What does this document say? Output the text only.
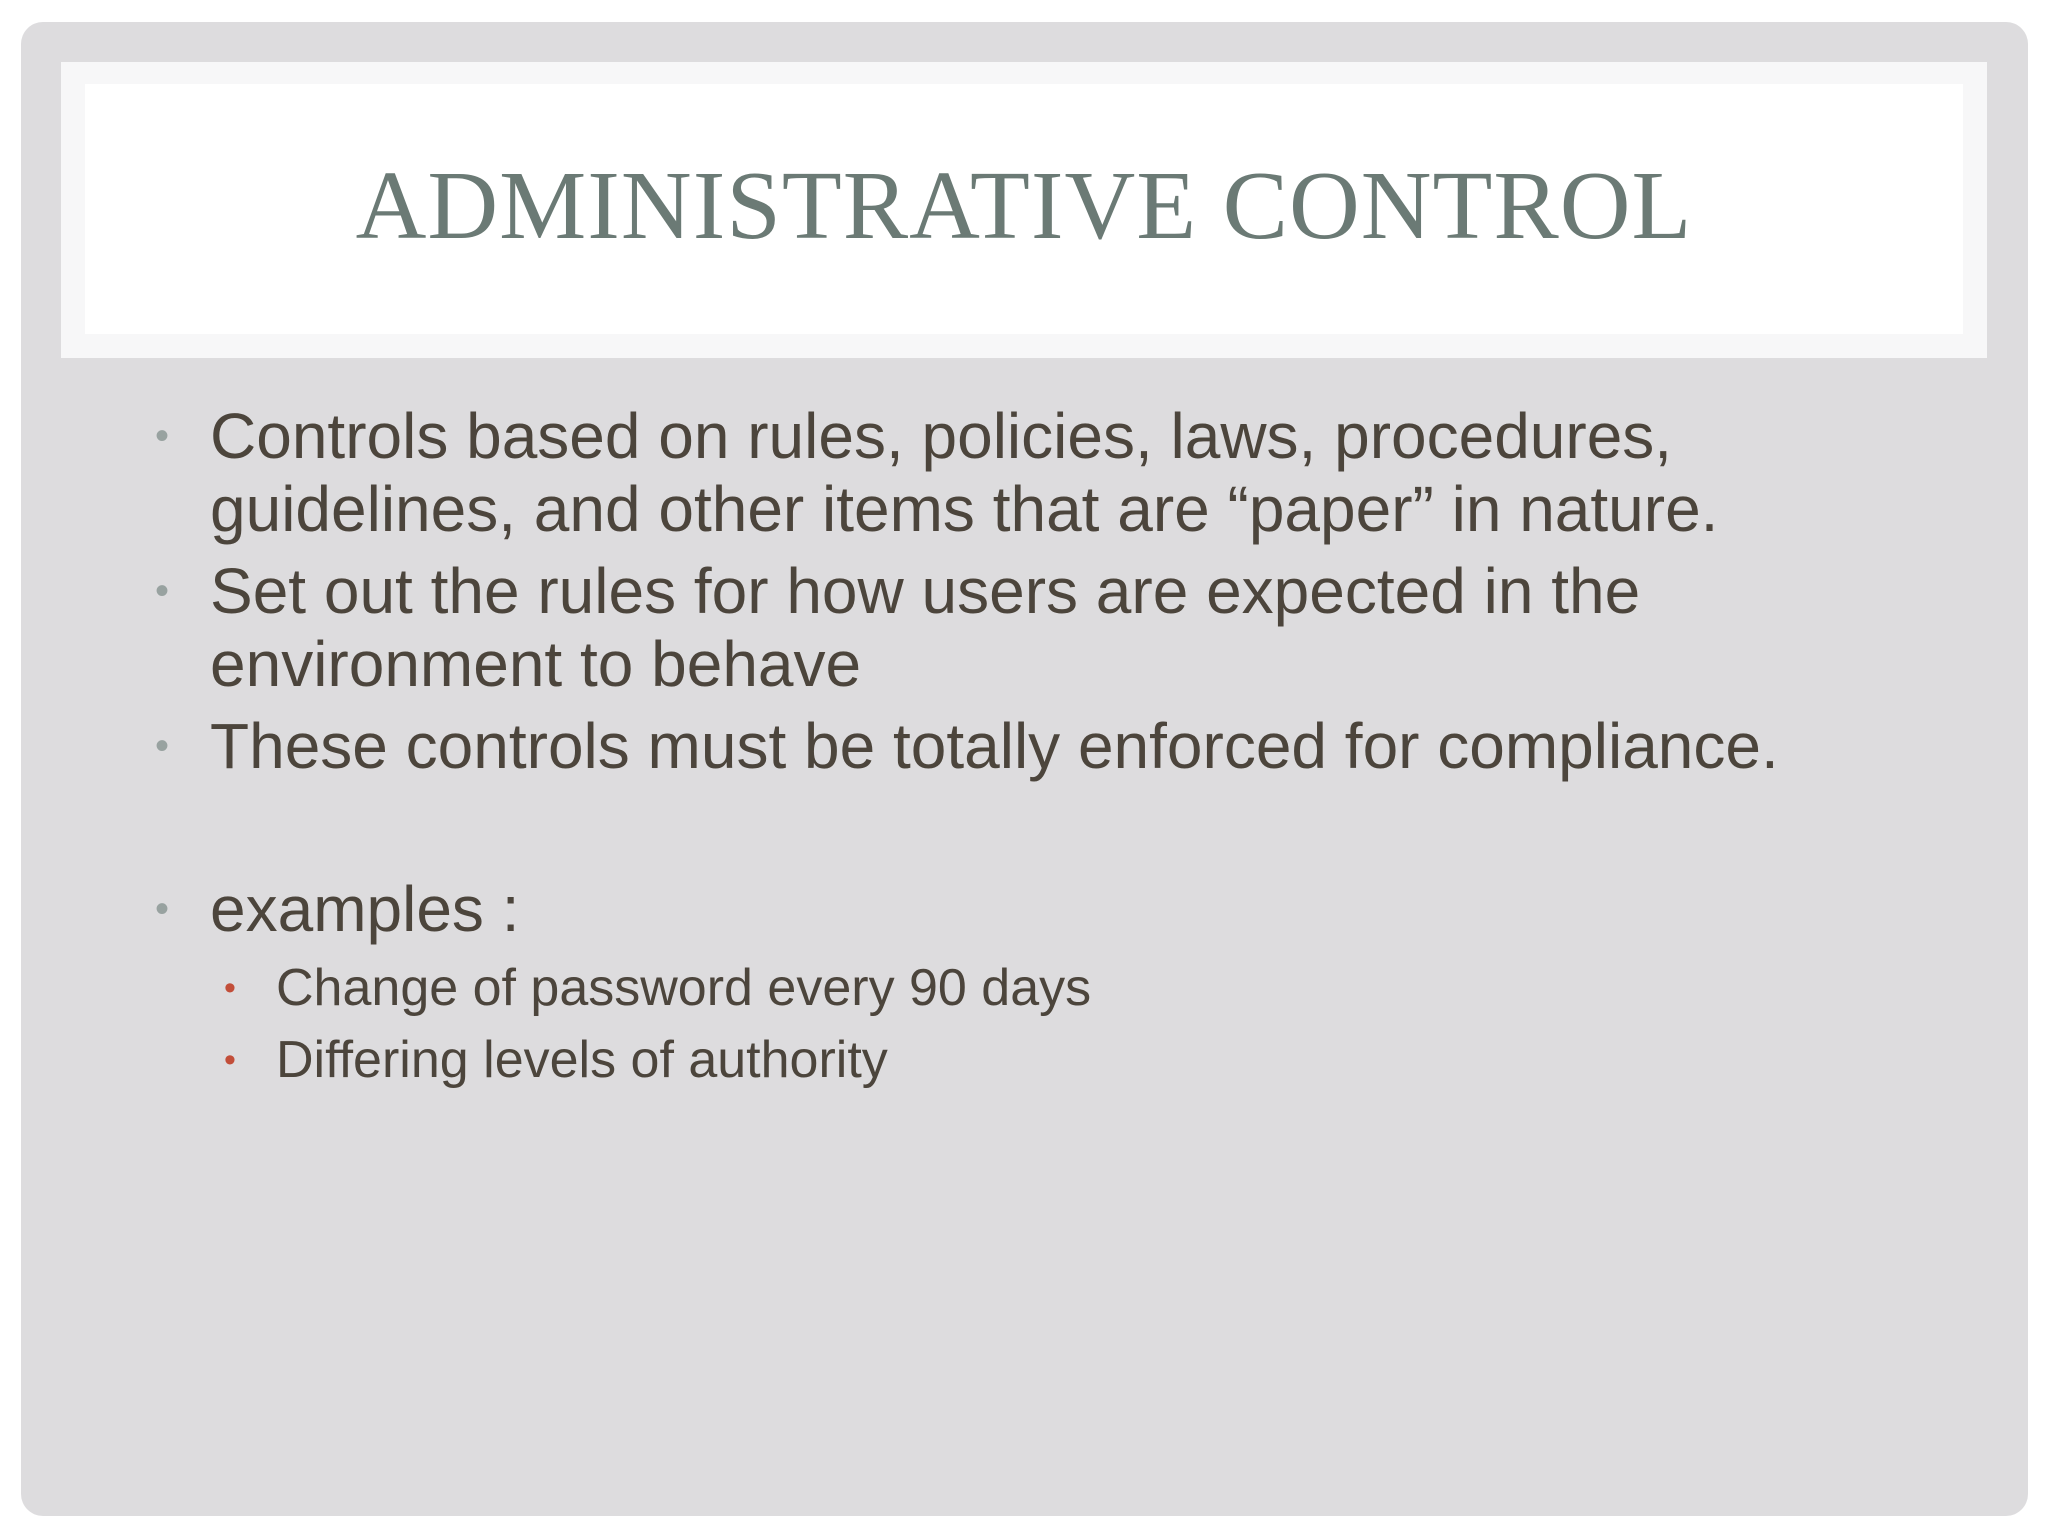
ADMINISTRATIVE CONTROL
• Controls based on rules, policies, laws, procedures, guidelines, and other items that are “paper” in nature.
• Set out the rules for how users are expected in the environment to behave
• These controls must be totally enforced for compliance.
• examples :
• Change of password every 90 days
• Differing levels of authority
